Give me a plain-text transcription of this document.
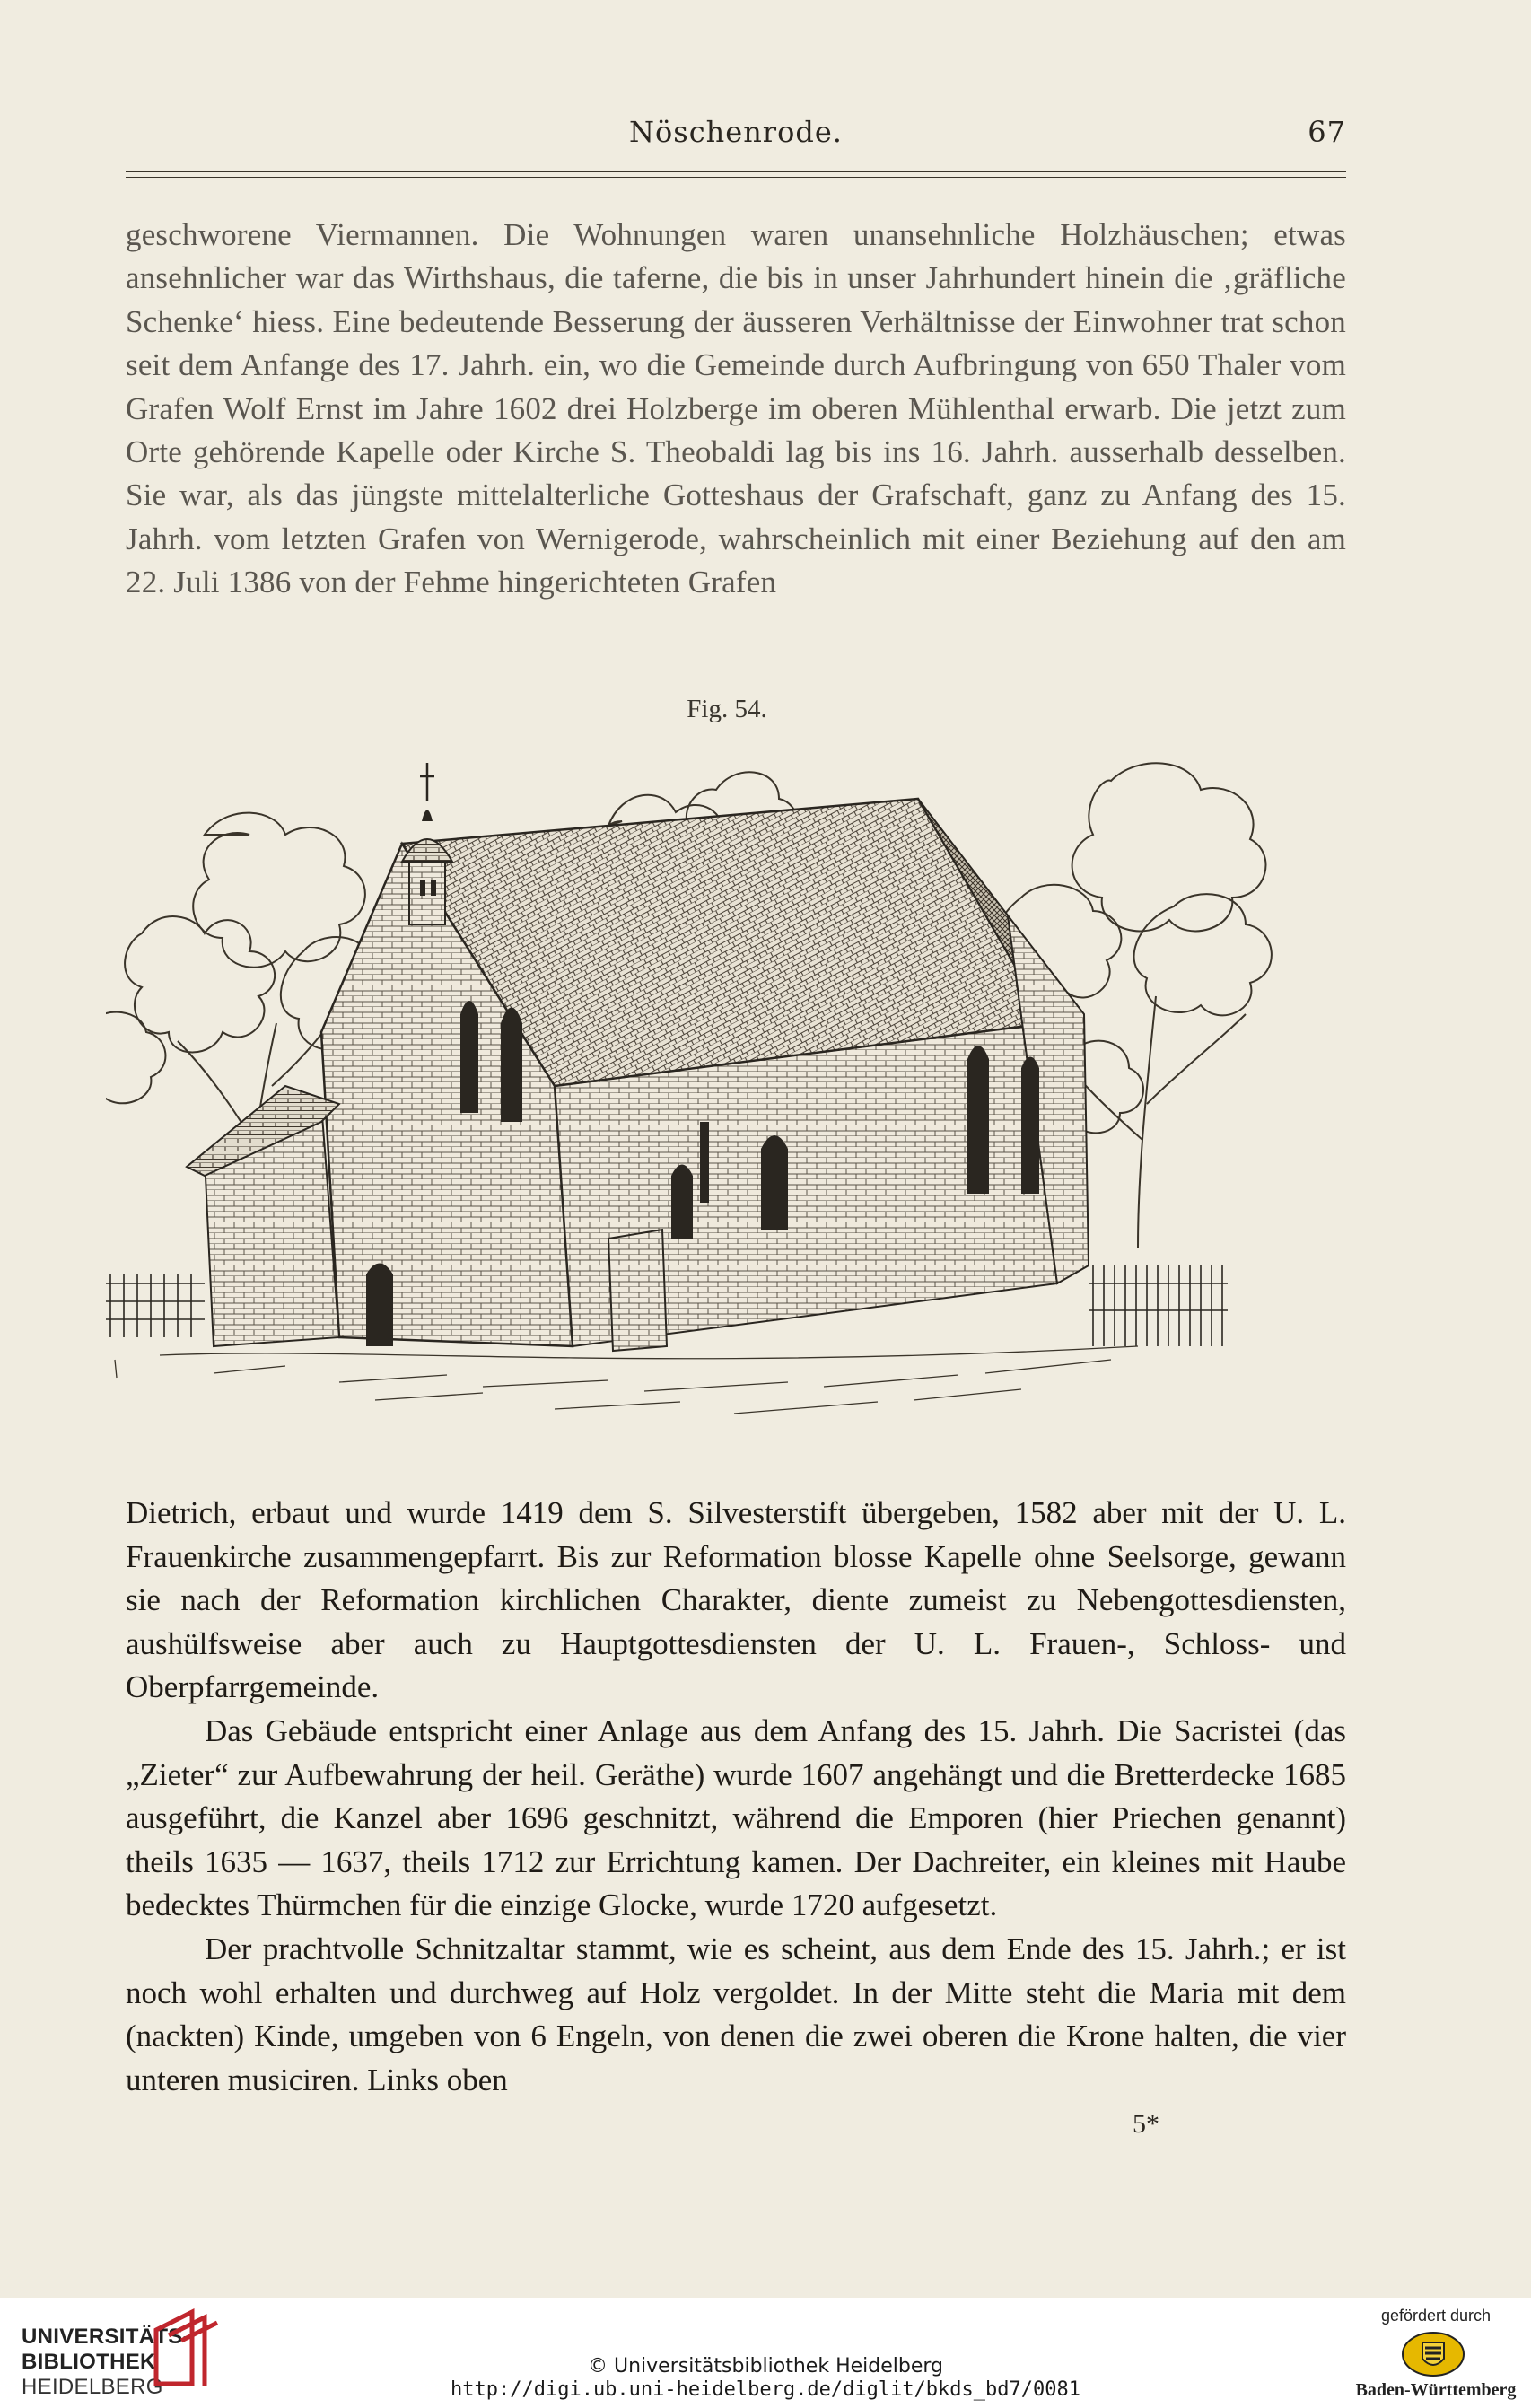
Nöschenrode.	67

geschworene Viermannen. Die Wohnungen waren unansehnliche Holzhäuschen; etwas ansehnlicher war das Wirthshaus, die taferne, die bis in unser Jahrhundert hinein die ‚gräfliche Schenke‘ hiess. Eine bedeutende Besserung der äusseren Verhältnisse der Einwohner trat schon seit dem Anfange des 17. Jahrh. ein, wo die Gemeinde durch Aufbringung von 650 Thaler vom Grafen Wolf Ernst im Jahre 1602 drei Holzberge im oberen Mühlenthal erwarb. Die jetzt zum Orte gehörende Kapelle oder Kirche S. Theobaldi lag bis ins 16. Jahrh. ausserhalb desselben. Sie war, als das jüngste mittelalterliche Gotteshaus der Grafschaft, ganz zu Anfang des 15. Jahrh. vom letzten Grafen von Wernigerode, wahrscheinlich mit einer Beziehung auf den am 22. Juli 1386 von der Fehme hingerichteten Grafen

Fig. 54.

Dietrich, erbaut und wurde 1419 dem S. Silvesterstift übergeben, 1582 aber mit der U. L. Frauenkirche zusammengepfarrt. Bis zur Reformation blosse Kapelle ohne Seelsorge, gewann sie nach der Reformation kirchlichen Charakter, diente zumeist zu Nebengottesdiensten, aushülfsweise aber auch zu Hauptgottesdiensten der U. L. Frauen-, Schloss- und Oberpfarrgemeinde.

Das Gebäude entspricht einer Anlage aus dem Anfang des 15. Jahrh. Die Sacristei (das „Zieter“ zur Aufbewahrung der heil. Geräthe) wurde 1607 angehängt und die Bretterdecke 1685 ausgeführt, die Kanzel aber 1696 geschnitzt, während die Emporen (hier Priechen genannt) theils 1635 — 1637, theils 1712 zur Errichtung kamen. Der Dachreiter, ein kleines mit Haube bedecktes Thürmchen für die einzige Glocke, wurde 1720 aufgesetzt.

Der prachtvolle Schnitzaltar stammt, wie es scheint, aus dem Ende des 15. Jahrh.; er ist noch wohl erhalten und durchweg auf Holz vergoldet. In der Mitte steht die Maria mit dem (nackten) Kinde, umgeben von 6 Engeln, von denen die zwei oberen die Krone halten, die vier unteren musiciren. Links oben

5*
UNIVERSITÄTS-
BIBLIOTHEK
HEIDELBERG
© Universitätsbibliothek Heidelberg
http://digi.ub.uni-heidelberg.de/diglit/bkds_bd7/0081
gefördert durch
Baden-Württemberg
